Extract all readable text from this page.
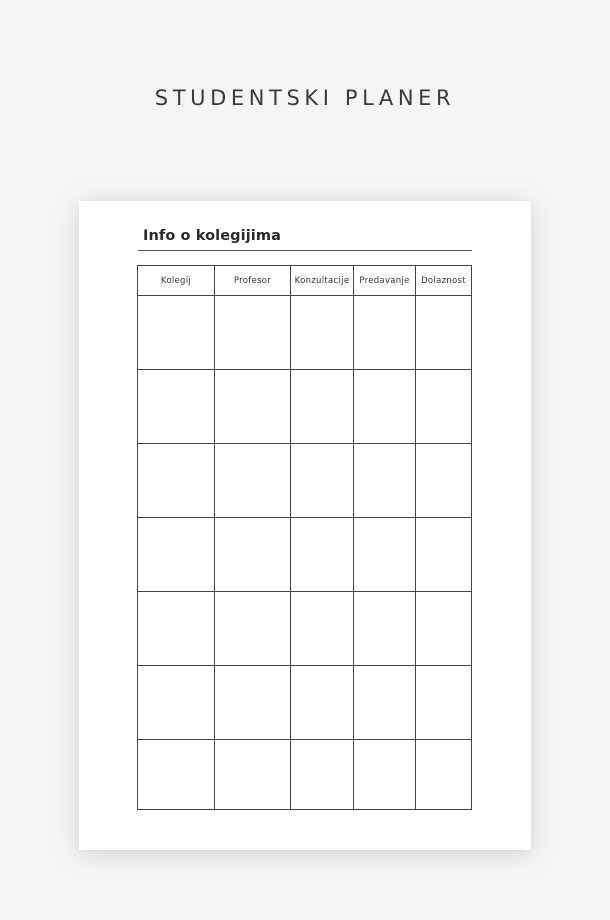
STUDENTSKI PLANER
Info o kolegijima
Kolegij	Profesor	Konzultacije	Predavanje	Dolaznost
